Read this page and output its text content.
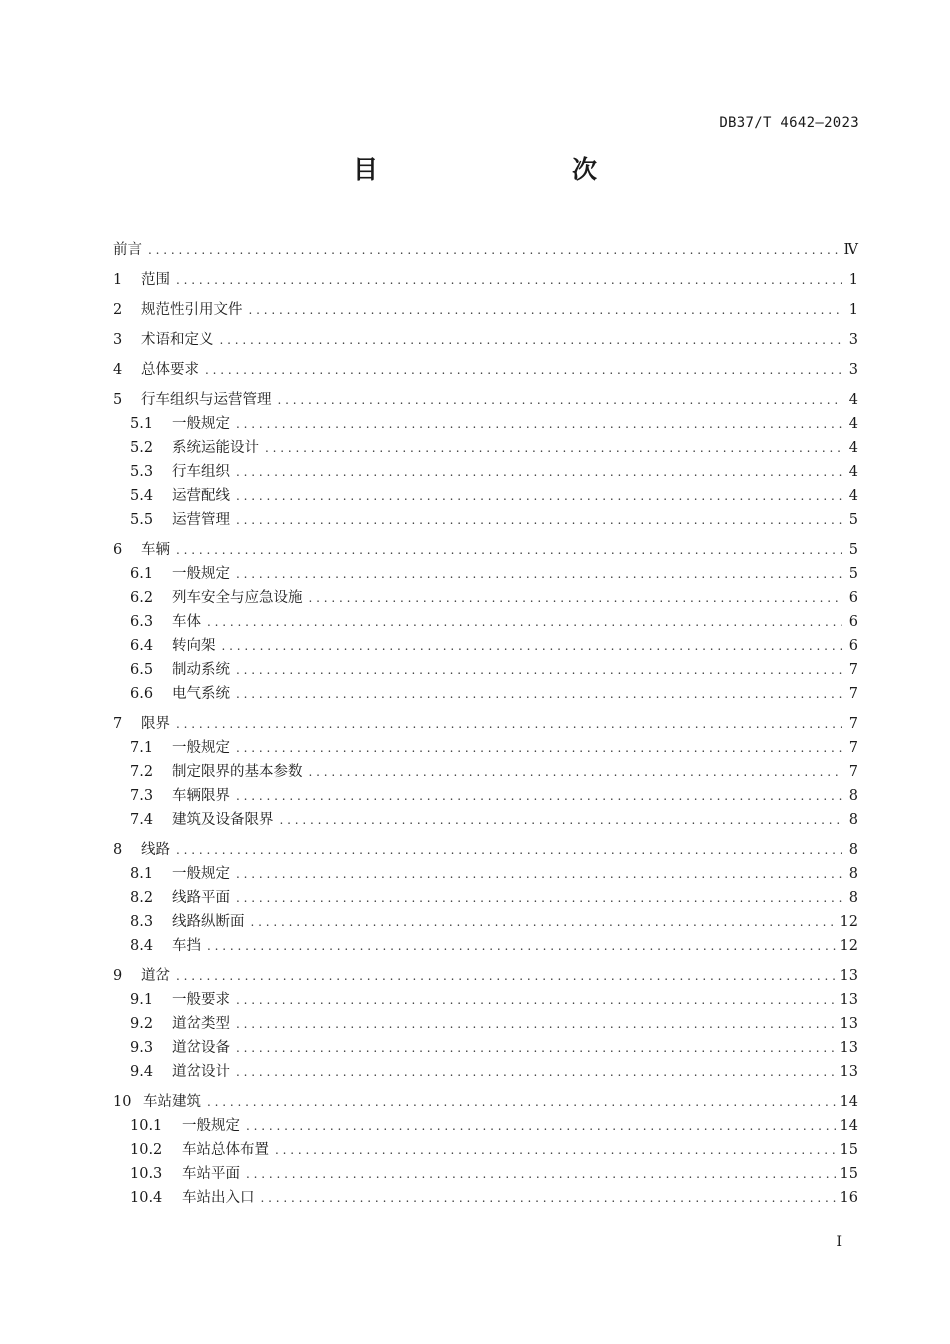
DB37/T 4642—2023
目　　次
前言 . . .	Ⅳ
1	范围 . . .	1
2	规范性引用文件 . . .	1
3	术语和定义 . . .	3
4	总体要求 . . .	3
5	行车组织与运营管理 . . .	4
5.1	一般规定 . . .	4
5.2	系统运能设计 . . .	4
5.3	行车组织 . . .	4
5.4	运营配线 . . .	4
5.5	运营管理 . . .	5
6	车辆 . . .	5
6.1	一般规定 . . .	5
6.2	列车安全与应急设施 . . .	6
6.3	车体 . . .	6
6.4	转向架 . . .	6
6.5	制动系统 . . .	7
6.6	电气系统 . . .	7
7	限界 . . .	7
7.1	一般规定 . . .	7
7.2	制定限界的基本参数 . . .	7
7.3	车辆限界 . . .	8
7.4	建筑及设备限界 . . .	8
8	线路 . . .	8
8.1	一般规定 . . .	8
8.2	线路平面 . . .	8
8.3	线路纵断面 . . .	12
8.4	车挡 . . .	12
9	道岔 . . .	13
9.1	一般要求 . . .	13
9.2	道岔类型 . . .	13
9.3	道岔设备 . . .	13
9.4	道岔设计 . . .	13
10 车站建筑 . . .	14
10.1	一般规定 . . .	14
10.2	车站总体布置 . . .	15
10.3	车站平面 . . .	15
10.4	车站出入口 . . .	16
I
